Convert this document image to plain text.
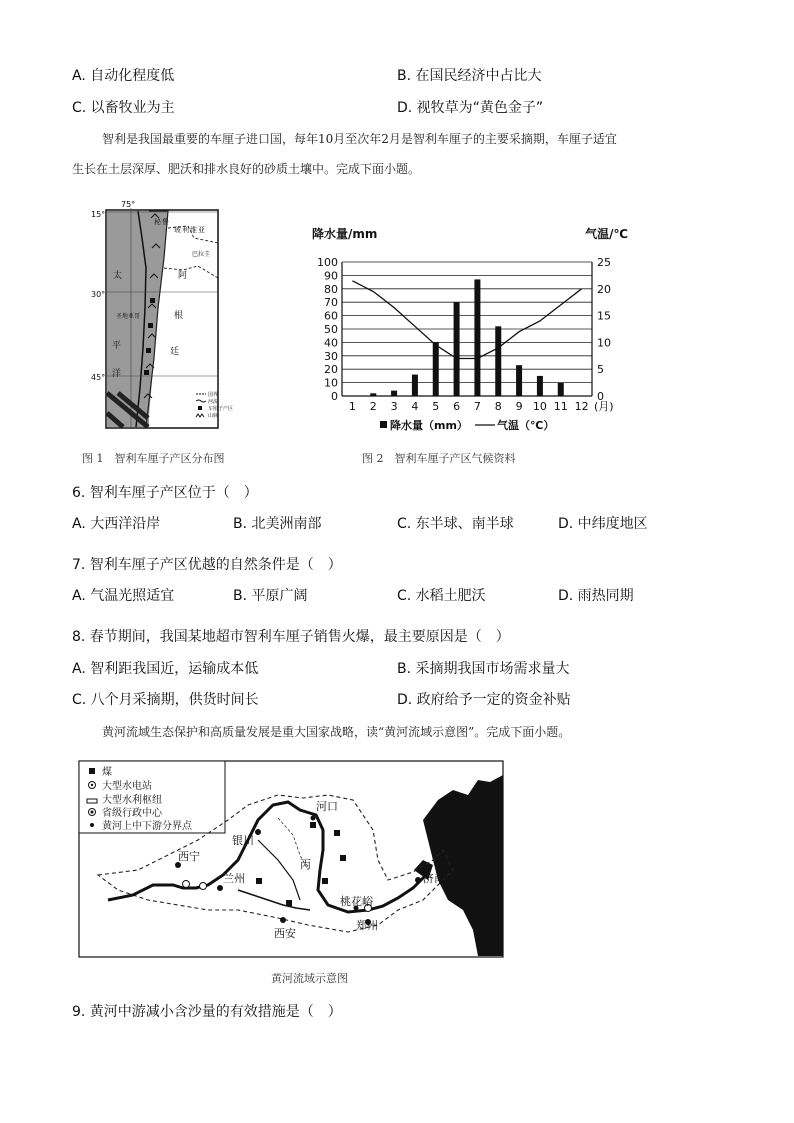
A. 自动化程度低	B. 在国民经济中占比大
C. 以畜牧业为主	D. 视牧草为“黄色金子”
智利是我国最重要的车厘子进口国，每年10月至次年2月是智利车厘子的主要采摘期，车厘子适宜
生长在土层深厚、肥沃和排水良好的砂质土壤中。完成下面小题。
75°
15°
30°
45°
秘 鲁
玻 利 维 亚
阿
根
廷
太
平
洋
巴 拉 圭
圣地亚哥
国界
河流
车厘子产区
山脉
图 1　智利车厘子产区分布图
100
90
80
70
60
50
40
30
20
10
0
25
20
15
10
5
0
降水量/mm	气温/℃
1 2 3 4 5 6 7 8 9 10 11 12 (月)
降水量（mm）	气温（℃）
图 2　智利车厘子产区气候资料
6. 智利车厘子产区位于（　）
A. 大西洋沿岸	B. 北美洲南部	C. 东半球、南半球	D. 中纬度地区
7. 智利车厘子产区优越的自然条件是（　）
A. 气温光照适宜	B. 平原广阔	C. 水稻土肥沃	D. 雨热同期
8. 春节期间，我国某地超市智利车厘子销售火爆，最主要原因是（　）
A. 智利距我国近，运输成本低	B. 采摘期我国市场需求量大
C. 八个月采摘期，供货时间长	D. 政府给予一定的资金补贴
黄河流域生态保护和高质量发展是重大国家战略，读“黄河流域示意图”。完成下面小题。
煤
大型水电站
大型水利枢纽
省级行政中心
黄河上中下游分界点
河口
银川
西宁
兰州
丙
桃花峪
济南
西安
郑州
黄河流域示意图
9. 黄河中游减小含沙量的有效措施是（　）
